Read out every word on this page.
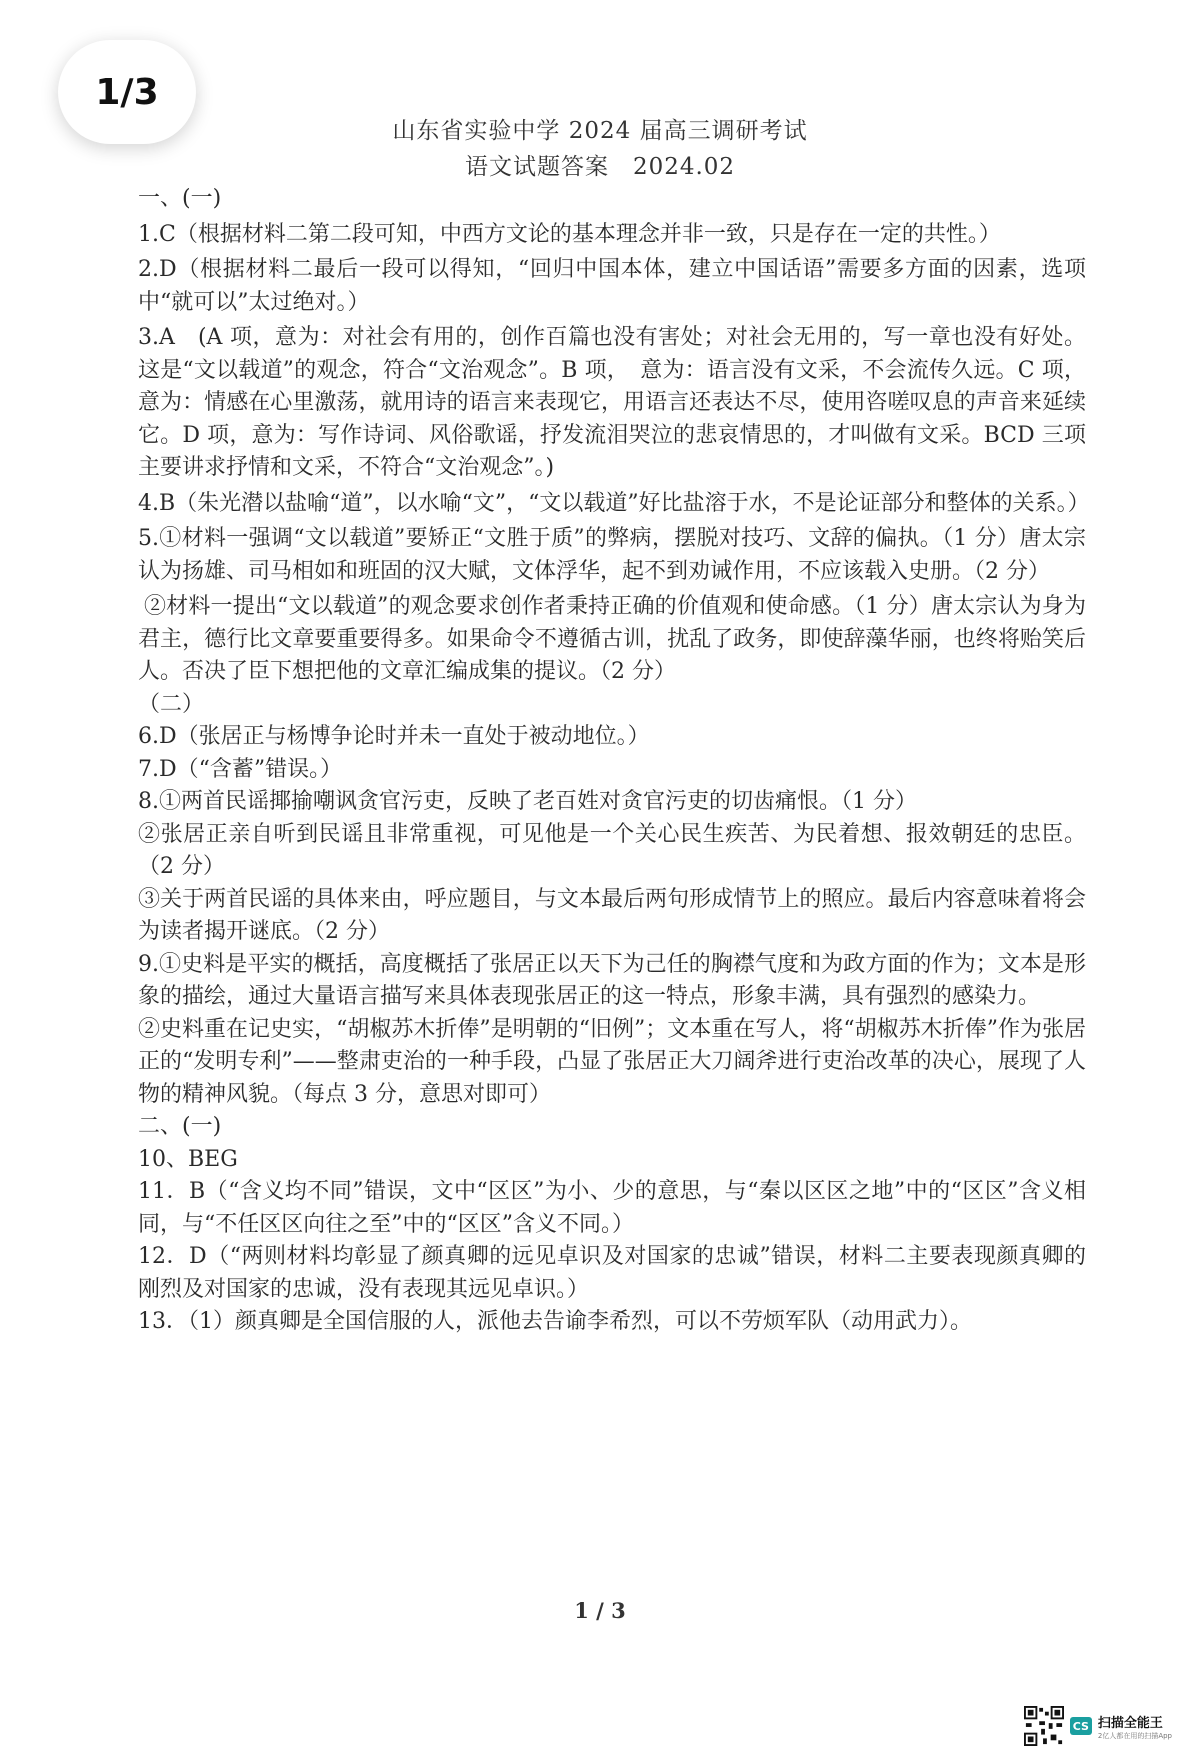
1/3
山东省实验中学 2024 届高三调研考试
语文试题答案　2024.02

一、(一)

1.C（根据材料二第二段可知，中西方文论的基本理念并非一致，只是存在一定的共性。）

2.D（根据材料二最后一段可以得知，“回归中国本体，建立中国话语”需要多方面的因素，选项中“就可以”太过绝对。）

3.A　(A 项，意为：对社会有用的，创作百篇也没有害处；对社会无用的，写一章也没有好处。这是“文以载道”的观念，符合“文治观念”。B 项，　意为：语言没有文采，不会流传久远。C 项，意为：情感在心里激荡，就用诗的语言来表现它，用语言还表达不尽，使用咨嗟叹息的声音来延续它。D 项，意为：写作诗词、风俗歌谣，抒发流泪哭泣的悲哀情思的，才叫做有文采。BCD 三项主要讲求抒情和文采，不符合“文治观念”。)

4.B（朱光潜以盐喻“道”，以水喻“文”，“文以载道”好比盐溶于水，不是论证部分和整体的关系。）

5.①材料一强调“文以载道”要矫正“文胜于质”的弊病，摆脱对技巧、文辞的偏执。（1 分）唐太宗认为扬雄、司马相如和班固的汉大赋，文体浮华，起不到劝诫作用，不应该载入史册。（2 分）

②材料一提出“文以载道”的观念要求创作者秉持正确的价值观和使命感。（1 分）唐太宗认为身为君主，德行比文章要重要得多。如果命令不遵循古训，扰乱了政务，即使辞藻华丽，也终将贻笑后人。否决了臣下想把他的文章汇编成集的提议。（2 分）

（二）

6.D（张居正与杨博争论时并未一直处于被动地位。）

7.D（“含蓄”错误。）

8.①两首民谣揶揄嘲讽贪官污吏，反映了老百姓对贪官污吏的切齿痛恨。（1 分）

②张居正亲自听到民谣且非常重视，可见他是一个关心民生疾苦、为民着想、报效朝廷的忠臣。（2 分）

③关于两首民谣的具体来由，呼应题目，与文本最后两句形成情节上的照应。最后内容意味着将会为读者揭开谜底。（2 分）

9.①史料是平实的概括，高度概括了张居正以天下为己任的胸襟气度和为政方面的作为；文本是形象的描绘，通过大量语言描写来具体表现张居正的这一特点，形象丰满，具有强烈的感染力。

②史料重在记史实，“胡椒苏木折俸”是明朝的“旧例”；文本重在写人，将“胡椒苏木折俸”作为张居正的“发明专利”——整肃吏治的一种手段，凸显了张居正大刀阔斧进行吏治改革的决心，展现了人物的精神风貌。（每点 3 分，意思对即可）

二、(一)

10、BEG

11．B（“含义均不同”错误，文中“区区”为小、少的意思，与“秦以区区之地”中的“区区”含义相同，与“不任区区向往之至”中的“区区”含义不同。）

12．D（“两则材料均彰显了颜真卿的远见卓识及对国家的忠诚”错误，材料二主要表现颜真卿的刚烈及对国家的忠诚，没有表现其远见卓识。）

13．（1）颜真卿是全国信服的人，派他去告谕李希烈，可以不劳烦军队（动用武力）。

1 / 3
CS 扫描全能王
2亿人都在用的扫描App
